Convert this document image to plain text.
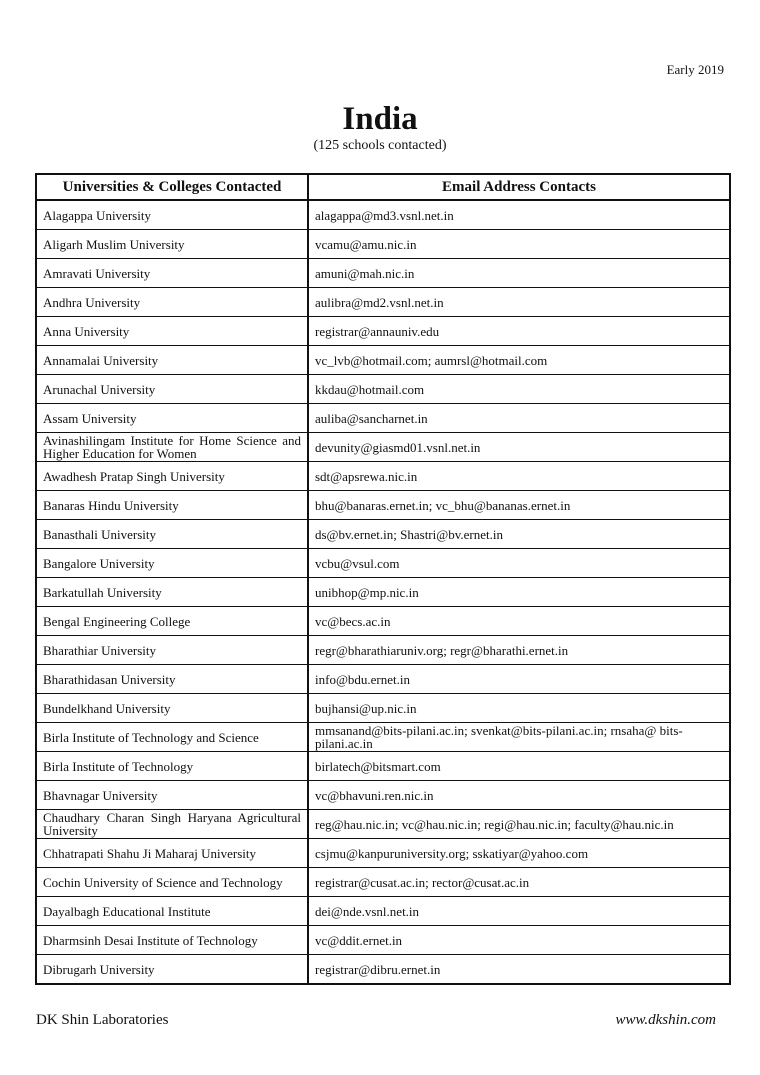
Early 2019
India
(125 schools contacted)
Universities & Colleges Contacted	Email Address Contacts
Alagappa University	alagappa@md3.vsnl.net.in
Aligarh Muslim University	vcamu@amu.nic.in
Amravati University	amuni@mah.nic.in
Andhra University	aulibra@md2.vsnl.net.in
Anna University	registrar@annauniv.edu
Annamalai University	vc_lvb@hotmail.com; aumrsl@hotmail.com
Arunachal University	kkdau@hotmail.com
Assam University	auliba@sancharnet.in
Avinashilingam Institute for Home Science and Higher Education for Women	devunity@giasmd01.vsnl.net.in
Awadhesh Pratap Singh University	sdt@apsrewa.nic.in
Banaras Hindu University	bhu@banaras.ernet.in; vc_bhu@bananas.ernet.in
Banasthali University	ds@bv.ernet.in; Shastri@bv.ernet.in
Bangalore University	vcbu@vsul.com
Barkatullah University	unibhop@mp.nic.in
Bengal Engineering College	vc@becs.ac.in
Bharathiar University	regr@bharathiaruniv.org; regr@bharathi.ernet.in
Bharathidasan University	info@bdu.ernet.in
Bundelkhand University	bujhansi@up.nic.in
Birla Institute of Technology and Science	mmsanand@bits-pilani.ac.in; svenkat@bits-pilani.ac.in; rnsaha@ bits-pilani.ac.in
Birla Institute of Technology	birlatech@bitsmart.com
Bhavnagar University	vc@bhavuni.ren.nic.in
Chaudhary Charan Singh Haryana Agricultural University	reg@hau.nic.in; vc@hau.nic.in; regi@hau.nic.in; faculty@hau.nic.in
Chhatrapati Shahu Ji Maharaj University	csjmu@kanpuruniversity.org; sskatiyar@yahoo.com
Cochin University of Science and Technology	registrar@cusat.ac.in; rector@cusat.ac.in
Dayalbagh Educational Institute	dei@nde.vsnl.net.in
Dharmsinh Desai Institute of Technology	vc@ddit.ernet.in
Dibrugarh University	registrar@dibru.ernet.in
DK Shin Laboratories	www.dkshin.com
